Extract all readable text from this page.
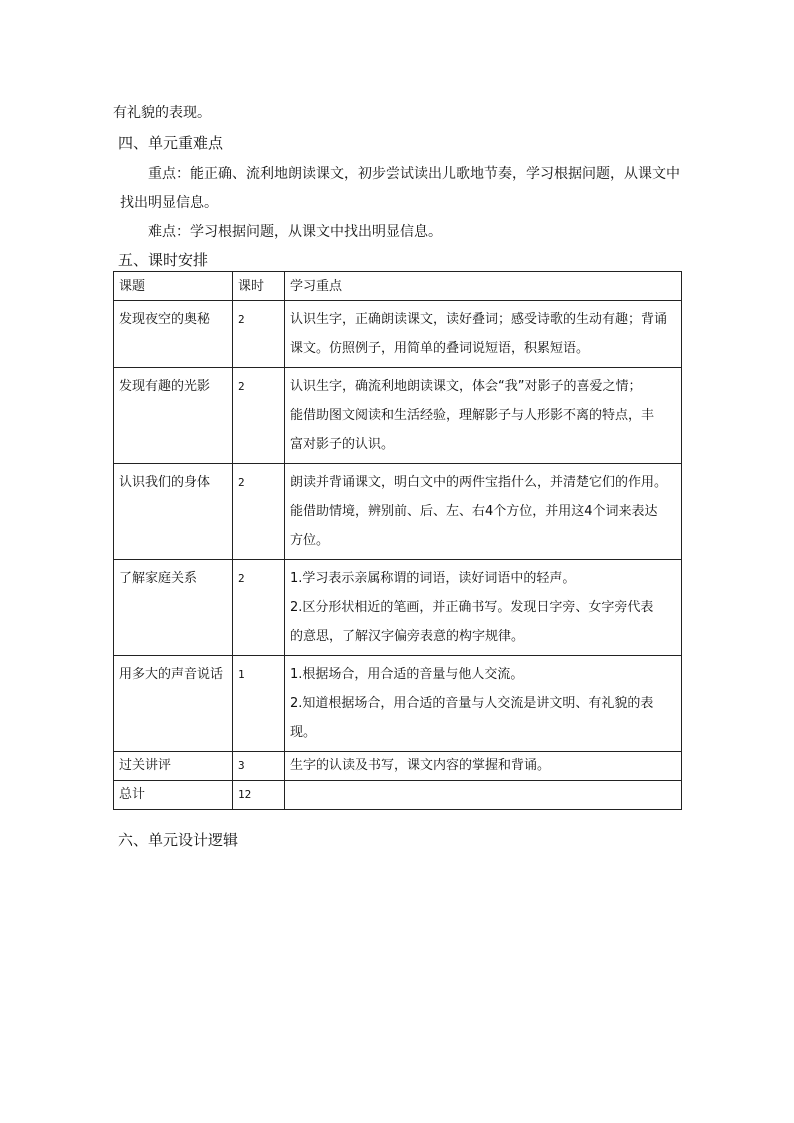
有礼貌的表现。
四、单元重难点
重点：能正确、流利地朗读课文，初步尝试读出儿歌地节奏，学习根据问题，从课文中
找出明显信息。
难点：学习根据问题，从课文中找出明显信息。
五、课时安排
课题	课时	学习重点
发现夜空的奥秘	2	认识生字，正确朗读课文，读好叠词；感受诗歌的生动有趣；背诵
课文。仿照例子，用简单的叠词说短语，积累短语。

发现有趣的光影	2	认识生字，确流利地朗读课文，体会“我”对影子的喜爱之情；
能借助图文阅读和生活经验，理解影子与人形影不离的特点，丰
富对影子的认识。

认识我们的身体	2	朗读并背诵课文，明白文中的两件宝指什么，并清楚它们的作用。
能借助情境，辨别前、后、左、右4个方位，并用这4个词来表达
方位。

了解家庭关系	2	1.学习表示亲属称谓的词语，读好词语中的轻声。
2.区分形状相近的笔画，并正确书写。发现日字旁、女字旁代表
的意思，了解汉字偏旁表意的构字规律。

用多大的声音说话	1	1.根据场合，用合适的音量与他人交流。
2.知道根据场合，用合适的音量与人交流是讲文明、有礼貌的表
现。

过关讲评	3	生字的认读及书写，课文内容的掌握和背诵。

总计	12	
六、单元设计逻辑
